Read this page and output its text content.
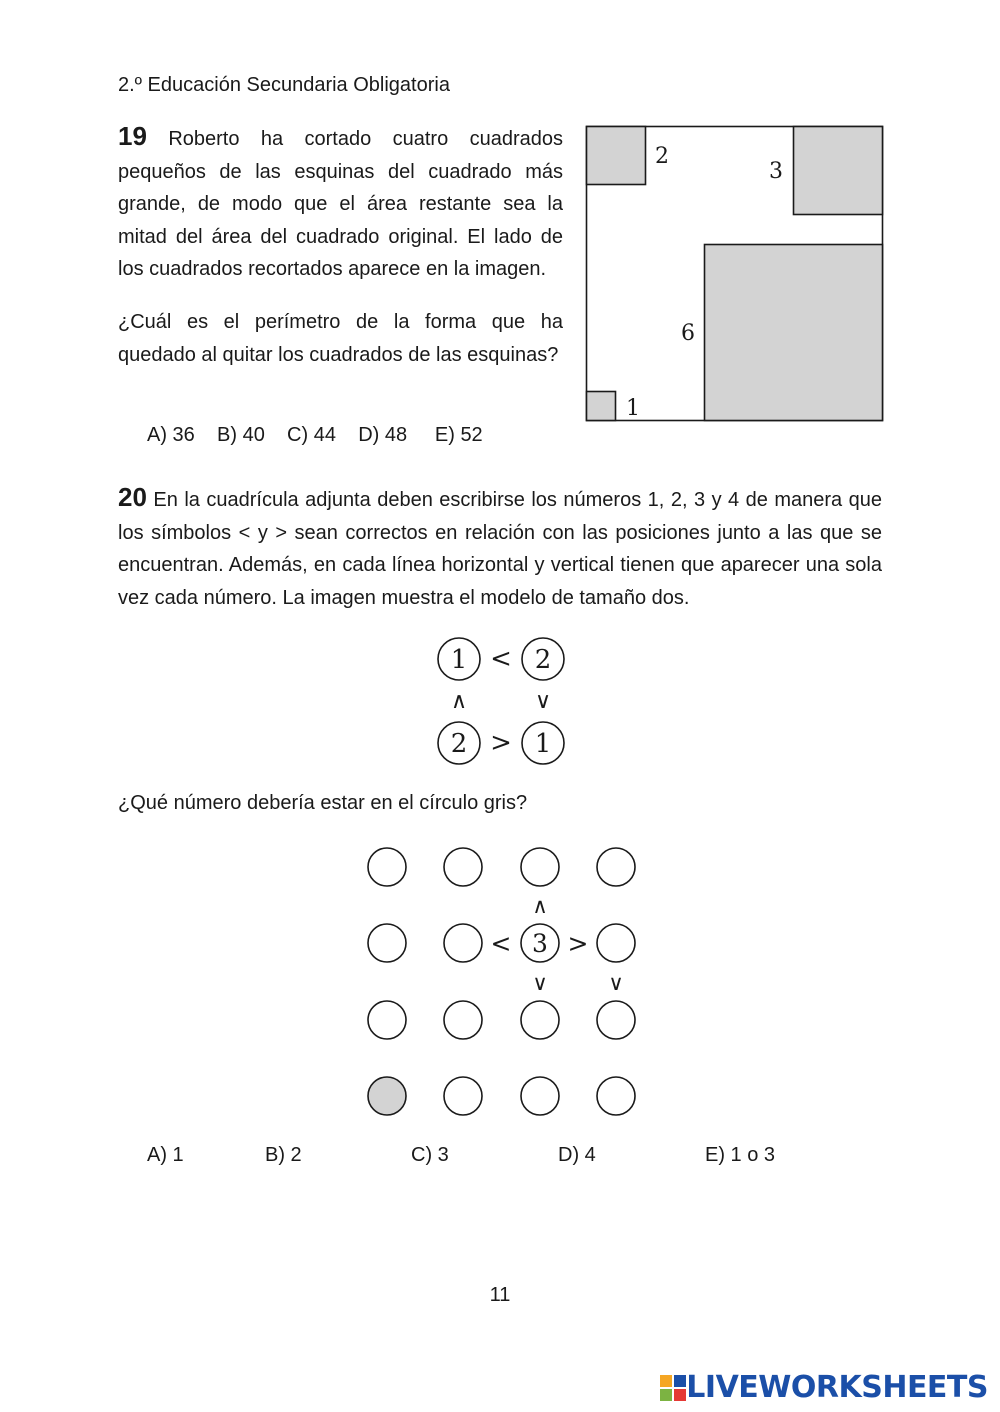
2.º Educación Secundaria Obligatoria
19 Roberto ha cortado cuatro cuadrados pequeños de las esquinas del cuadrado más grande, de modo que el área restante sea la mitad del área del cuadrado original. El lado de los cuadrados recortados aparece en la imagen.
¿Cuál es el perímetro de la forma que ha quedado al quitar los cuadrados de las esquinas?
A) 36    B) 40    C) 44    D) 48     E) 52
2
3
6
1
20 En la cuadrícula adjunta deben escribirse los números 1, 2, 3 y 4 de manera que los símbolos < y > sean correctos en relación con las posiciones junto a las que se encuentran. Además, en cada línea horizontal y vertical tienen que aparecer una sola vez cada número. La imagen muestra el modelo de tamaño dos.
1	2
2	1
<
>
∧	∨
¿Qué número debería estar en el círculo gris?
3
< >
∧
∨	∨
A) 1	B) 2	C) 3	D) 4	E) 1 o 3
11
LIVEWORKSHEETS
